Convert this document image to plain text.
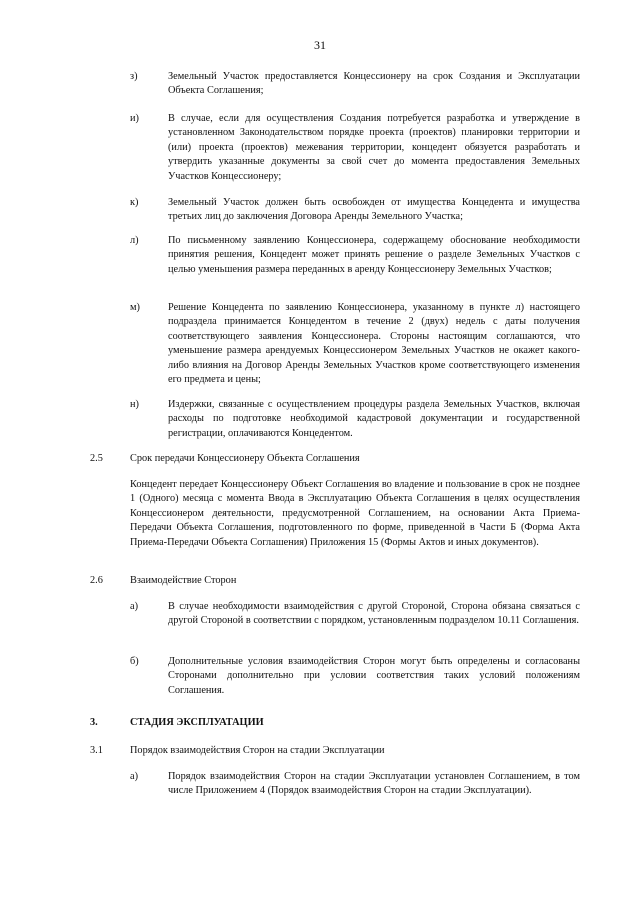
31
з)	Земельный Участок предоставляется Концессионеру на срок Создания и Эксплуатации Объекта Соглашения;

и)	В случае, если для осуществления Создания потребуется разработка и утверждение в установленном Законодательством порядке проекта (проектов) планировки территории и (или) проекта (проектов) межевания территории, концедент обязуется разработать и утвердить указанные документы за свой счет до момента предоставления Земельных Участков Концессионеру;

к)	Земельный Участок должен быть освобожден от имущества Концедента и имущества третьих лиц до заключения Договора Аренды Земельного Участка;

л)	По письменному заявлению Концессионера, содержащему обоснование необходимости принятия решения, Концедент может принять решение о разделе Земельных Участков с целью уменьшения размера переданных в аренду Концессионеру Земельных Участков;

м)	Решение Концедента по заявлению Концессионера, указанному в пункте л) настоящего подраздела принимается Концедентом в течение 2 (двух) недель с даты получения соответствующего заявления Концессионера. Стороны настоящим соглашаются, что уменьшение размера арендуемых Концессионером Земельных Участков не окажет какого-либо влияния на Договор Аренды Земельных Участков кроме соответствующего изменения его предмета и цены;

н)	Издержки, связанные с осуществлением процедуры раздела Земельных Участков, включая расходы по подготовке необходимой кадастровой документации и государственной регистрации, оплачиваются Концедентом.

2.5	Срок передачи Концессионеру Объекта Соглашения

Концедент передает Концессионеру Объект Соглашения во владение и пользование в срок не позднее 1 (Одного) месяца с момента Ввода в Эксплуатацию Объекта Соглашения в целях осуществления Концессионером деятельности, предусмотренной Соглашением, на основании Акта Приема-Передачи Объекта Соглашения, подготовленного по форме, приведенной в Части Б (Форма Акта Приема-Передачи Объекта Соглашения) Приложения 15 (Формы Актов и иных документов).

2.6	Взаимодействие Сторон
а)	В случае необходимости взаимодействия с другой Стороной, Сторона обязана связаться с другой Стороной в соответствии с порядком, установленным подразделом 10.11 Соглашения.

б)	Дополнительные условия взаимодействия Сторон могут быть определены и согласованы Сторонами дополнительно при условии соответствия таких условий положениям Соглашения.

3.	СТАДИЯ ЭКСПЛУАТАЦИИ
3.1	Порядок взаимодействия Сторон на стадии Эксплуатации
а)	Порядок взаимодействия Сторон на стадии Эксплуатации установлен Соглашением, в том числе Приложением 4 (Порядок взаимодействия Сторон на стадии Эксплуатации).
